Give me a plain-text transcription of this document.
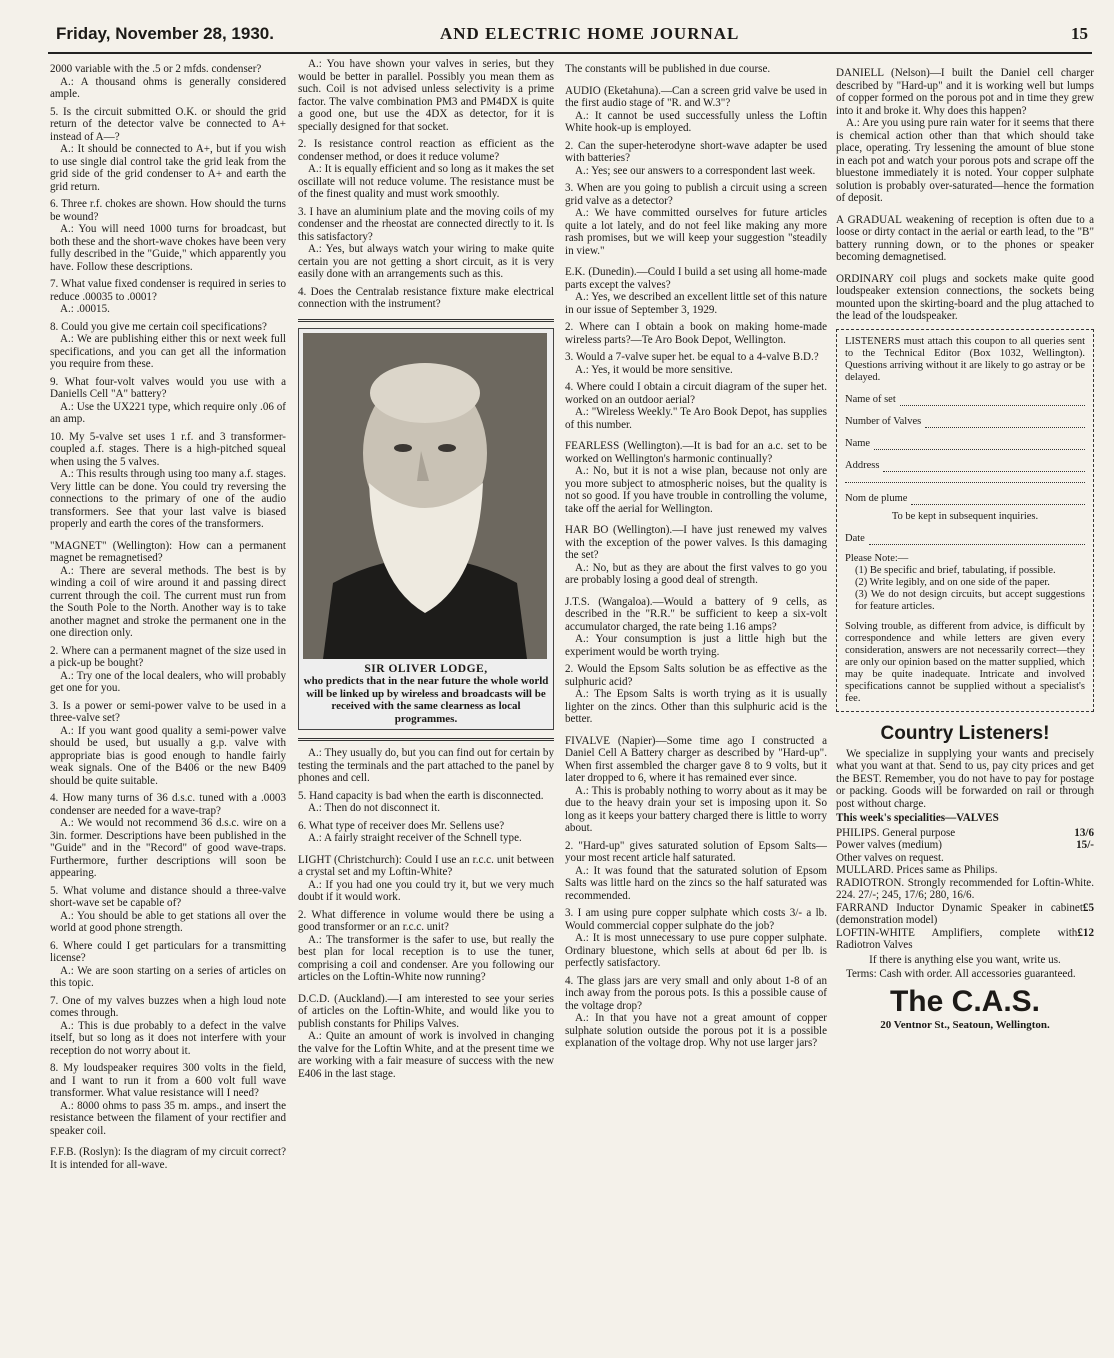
Friday, November 28, 1930.	AND ELECTRIC HOME JOURNAL	15

2000 variable with the .5 or 2 mfds. condenser?

A.: A thousand ohms is generally considered ample.

5. Is the circuit submitted O.K. or should the grid return of the detector valve be connected to A+ instead of A—?

A.: It should be connected to A+, but if you wish to use single dial control take the grid leak from the grid side of the grid condenser to A+ and earth the grid return.

6. Three r.f. chokes are shown. How should the turns be wound?

A.: You will need 1000 turns for broadcast, but both these and the short-wave chokes have been very fully described in the "Guide," which apparently you have. Follow these descriptions.

7. What value fixed condenser is required in series to reduce .00035 to .0001?

A.: .00015.

8. Could you give me certain coil specifications?

A.: We are publishing either this or next week full specifications, and you can get all the information you require from these.

9. What four-volt valves would you use with a Daniells Cell "A" battery?

A.: Use the UX221 type, which require only .06 of an amp.

10. My 5-valve set uses 1 r.f. and 3 transformer-coupled a.f. stages. There is a high-pitched squeal when using the 5 valves.

A.: This results through using too many a.f. stages. Very little can be done. You could try reversing the connections to the primary of one of the audio transformers. See that your last valve is biased properly and earth the cores of the transformers.

"MAGNET" (Wellington): How can a permanent magnet be remagnetised?

A.: There are several methods. The best is by winding a coil of wire around it and passing direct current through the coil. The current must run from the South Pole to the North. Another way is to take another magnet and stroke the permanent one in the one direction only.

2. Where can a permanent magnet of the size used in a pick-up be bought?

A.: Try one of the local dealers, who will probably get one for you.

3. Is a power or semi-power valve to be used in a three-valve set?

A.: If you want good quality a semi-power valve should be used, but usually a g.p. valve with appropriate bias is good enough to handle fairly weak signals. One of the B406 or the new B409 should be quite suitable.

4. How many turns of 36 d.s.c. tuned with a .0003 condenser are needed for a wave-trap?

A.: We would not recommend 36 d.s.c. wire on a 3in. former. Descriptions have been published in the "Guide" and in the "Record" of good wave-traps. Furthermore, further descriptions will soon be appearing.

5. What volume and distance should a three-valve short-wave set be capable of?

A.: You should be able to get stations all over the world at good phone strength.

6. Where could I get particulars for a transmitting license?

A.: We are soon starting on a series of articles on this topic.

7. One of my valves buzzes when a high loud note comes through.

A.: This is due probably to a defect in the valve itself, but so long as it does not interfere with your reception do not worry about it.

8. My loudspeaker requires 300 volts in the field, and I want to run it from a 600 volt full wave transformer. What value resistance will I need?

A.: 8000 ohms to pass 35 m. amps., and insert the resistance between the filament of your rectifier and speaker coil.

F.F.B. (Roslyn): Is the diagram of my circuit correct? It is intended for all-wave.

A.: You have shown your valves in series, but they would be better in parallel. Possibly you mean them as such. Coil is not advised unless selectivity is a prime factor. The valve combination PM3 and PM4DX is quite a good one, but use the 4DX as detector, for it is specially designed for that socket.

2. Is resistance control reaction as efficient as the condenser method, or does it reduce volume?

A.: It is equally efficient and so long as it makes the set oscillate will not reduce volume. The resistance must be of the finest quality and must work smoothly.

3. I have an aluminium plate and the moving coils of my condenser and the rheostat are connected directly to it. Is this satisfactory?

A.: Yes, but always watch your wiring to make quite certain you are not getting a short circuit, as it is very easily done with an arrangements such as this.

4. Does the Centralab resistance fixture make electrical connection with the instrument?

SIR OLIVER LODGE,
who predicts that in the near future the whole world will be linked up by wireless and broadcasts will be received with the same clearness as local programmes.

A.: They usually do, but you can find out for certain by testing the terminals and the part attached to the panel by phones and cell.

5. Hand capacity is bad when the earth is disconnected.

A.: Then do not disconnect it.

6. What type of receiver does Mr. Sellens use?

A.: A fairly straight receiver of the Schnell type.

LIGHT (Christchurch): Could I use an r.c.c. unit between a crystal set and my Loftin-White?

A.: If you had one you could try it, but we very much doubt if it would work.

2. What difference in volume would there be using a good transformer or an r.c.c. unit?

A.: The transformer is the safer to use, but really the best plan for local reception is to use the tuner, comprising a coil and condenser. Are you following our articles on the Loftin-White now running?

D.C.D. (Auckland).—I am interested to see your series of articles on the Loftin-White, and would like you to publish constants for Philips Valves.

A.: Quite an amount of work is involved in changing the valve for the Loftin White, and at the present time we are working with a fair measure of success with the new E406 in the last stage.

The constants will be published in due course.

AUDIO (Eketahuna).—Can a screen grid valve be used in the first audio stage of "R. and W.3"?

A.: It cannot be used successfully unless the Loftin White hook-up is employed.

2. Can the super-heterodyne short-wave adapter be used with batteries?

A.: Yes; see our answers to a correspondent last week.

3. When are you going to publish a circuit using a screen grid valve as a detector?

A.: We have committed ourselves for future articles quite a lot lately, and do not feel like making any more rash promises, but we will keep your suggestion "steadily in view."

E.K. (Dunedin).—Could I build a set using all home-made parts except the valves?

A.: Yes, we described an excellent little set of this nature in our issue of September 3, 1929.

2. Where can I obtain a book on making home-made wireless parts?—Te Aro Book Depot, Wellington.

3. Would a 7-valve super het. be equal to a 4-valve B.D.?

A.: Yes, it would be more sensitive.

4. Where could I obtain a circuit diagram of the super het. worked on an outdoor aerial?

A.: "Wireless Weekly." Te Aro Book Depot, has supplies of this number.

FEARLESS (Wellington).—It is bad for an a.c. set to be worked on Wellington's harmonic continually?

A.: No, but it is not a wise plan, because not only are you more subject to atmospheric noises, but the quality is not so good. If you have trouble in controlling the volume, take off the aerial for Wellington.

HAR BO (Wellington).—I have just renewed my valves with the exception of the power valves. Is this damaging the set?

A.: No, but as they are about the first valves to go you are probably losing a good deal of strength.

J.T.S. (Wangaloa).—Would a battery of 9 cells, as described in the "R.R." be sufficient to keep a six-volt accumulator charged, the rate being 1.16 amps?

A.: Your consumption is just a little high but the experiment would be worth trying.

2. Would the Epsom Salts solution be as effective as the sulphuric acid?

A.: The Epsom Salts is worth trying as it is usually lighter on the zincs. Other than this sulphuric acid is the better.

FIVALVE (Napier)—Some time ago I constructed a Daniel Cell A Battery charger as described by "Hard-up". When first assembled the charger gave 8 to 9 volts, but it later dropped to 6, where it has remained ever since.

A.: This is probably nothing to worry about as it may be due to the heavy drain your set is imposing upon it. So long as it keeps your battery charged there is little to worry about.

2. "Hard-up" gives saturated solution of Epsom Salts—your most recent article half saturated.

A.: It was found that the saturated solution of Epsom Salts was little hard on the zincs so the half saturated was recommended.

3. I am using pure copper sulphate which costs 3/- a lb. Would commercial copper sulphate do the job?

A.: It is most unnecessary to use pure copper sulphate. Ordinary bluestone, which sells at about 6d per lb. is perfectly satisfactory.

4. The glass jars are very small and only about 1-8 of an inch away from the porous pots. Is this a possible cause of the voltage drop?

A.: In that you have not a great amount of copper sulphate solution outside the porous pot it is a possible explanation of the voltage drop. Why not use larger jars?

DANIELL (Nelson)—I built the Daniel cell charger described by "Hard-up" and it is working well but lumps of copper formed on the porous pot and in time they grew into it and broke it. Why does this happen?

A.: Are you using pure rain water for it seems that there is chemical action other than that which should take place, operating. Try lessening the amount of blue stone in each pot and watch your porous pots and scrape off the bluestone immediately it is noted. Your copper sulphate solution is probably over-saturated—hence the formation of deposit.

A GRADUAL weakening of reception is often due to a loose or dirty contact in the aerial or earth lead, to the "B" battery running down, or to the phones or speaker becoming demagnetised.

ORDINARY coil plugs and sockets make quite good loudspeaker extension connections, the sockets being mounted upon the skirting-board and the plug attached to the lead of the loudspeaker.

LISTENERS must attach this coupon to all queries sent to the Technical Editor (Box 1032, Wellington). Questions arriving without it are likely to go astray or be delayed.
Name of set
Number of Valves
Name
Address
Nom de plume
To be kept in subsequent inquiries.
Date
Please Note:—
(1) Be specific and brief, tabulating, if possible.
(2) Write legibly, and on one side of the paper.
(3) We do not design circuits, but accept suggestions for feature articles.
Solving trouble, as different from advice, is difficult by correspondence and while letters are given every consideration, answers are not necessarily correct—they are only our opinion based on the matter supplied, which may be quite inadequate. Intricate and involved specifications cannot be supplied without a specialist's fee.
Country Listeners!

We specialize in supplying your wants and precisely what you want at that. Send to us, pay city prices and get the BEST. Remember, you do not have to pay for postage or packing. Goods will be forwarded on rail or through post without charge.

This week's specialities—VALVES

PHILIPS. General purpose	13/6
Power valves (medium)	15/-
Other valves on request.
MULLARD. Prices same as Philips.
RADIOTRON. Strongly recommended for Loftin-White. 224. 27/-; 245, 17/6; 280, 16/6.
FARRAND Inductor Dynamic Speaker in cabinet (demonstration model)
£5
LOFTIN-WHITE Amplifiers, complete with Radiotron Valves
£12

If there is anything else you want, write us.

Terms: Cash with order. All accessories guaranteed.

The C.A.S.
20 Ventnor St., Seatoun, Wellington.
